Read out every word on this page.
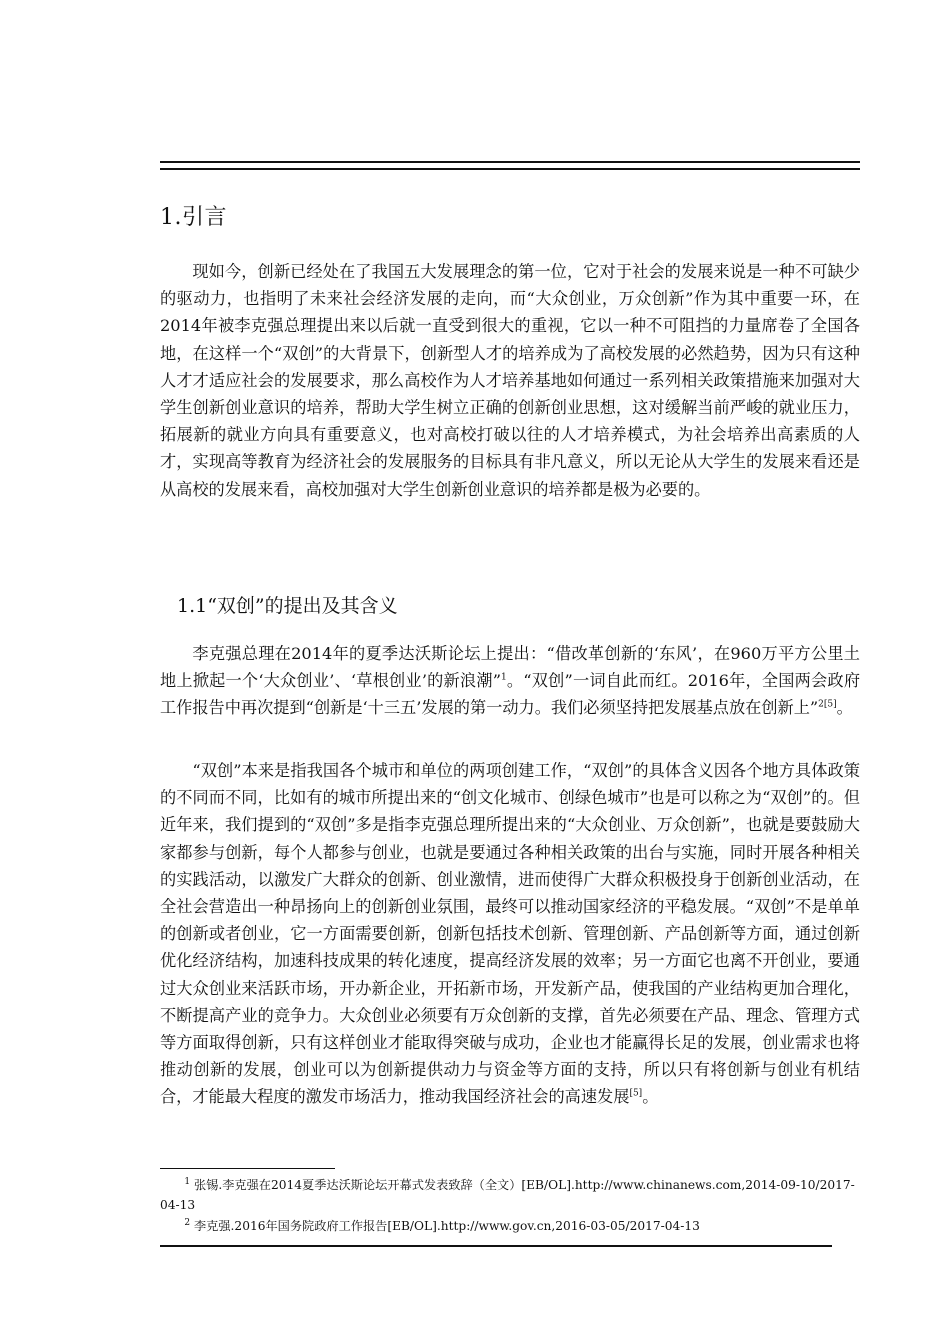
1.引言

现如今，创新已经处在了我国五大发展理念的第一位，它对于社会的发展来说是一种不可缺少的驱动力，也指明了未来社会经济发展的走向，而“大众创业，万众创新”作为其中重要一环，在2014年被李克强总理提出来以后就一直受到很大的重视，它以一种不可阻挡的力量席卷了全国各地，在这样一个“双创”的大背景下，创新型人才的培养成为了高校发展的必然趋势，因为只有这种人才才适应社会的发展要求，那么高校作为人才培养基地如何通过一系列相关政策措施来加强对大学生创新创业意识的培养，帮助大学生树立正确的创新创业思想，这对缓解当前严峻的就业压力，拓展新的就业方向具有重要意义，也对高校打破以往的人才培养模式，为社会培养出高素质的人才，实现高等教育为经济社会的发展服务的目标具有非凡意义，所以无论从大学生的发展来看还是从高校的发展来看，高校加强对大学生创新创业意识的培养都是极为必要的。

1.1“双创”的提出及其含义

李克强总理在2014年的夏季达沃斯论坛上提出：“借改革创新的‘东风’，在960万平方公里土地上掀起一个‘大众创业’、‘草根创业’的新浪潮”$^1$。“双创”一词自此而红。2016年，全国两会政府工作报告中再次提到“创新是‘十三五’发展的第一动力。我们必须坚持把发展基点放在创新上”$^{2[5]}$。

“双创”本来是指我国各个城市和单位的两项创建工作，“双创”的具体含义因各个地方具体政策的不同而不同，比如有的城市所提出来的“创文化城市、创绿色城市”也是可以称之为“双创”的。但近年来，我们提到的“双创”多是指李克强总理所提出来的“大众创业、万众创新”，也就是要鼓励大家都参与创新，每个人都参与创业，也就是要通过各种相关政策的出台与实施，同时开展各种相关的实践活动，以激发广大群众的创新、创业激情，进而使得广大群众积极投身于创新创业活动，在全社会营造出一种昂扬向上的创新创业氛围，最终可以推动国家经济的平稳发展。“双创”不是单单的创新或者创业，它一方面需要创新，创新包括技术创新、管理创新、产品创新等方面，通过创新优化经济结构，加速科技成果的转化速度，提高经济发展的效率；另一方面它也离不开创业，要通过大众创业来活跃市场，开办新企业，开拓新市场，开发新产品，使我国的产业结构更加合理化，不断提高产业的竞争力。大众创业必须要有万众创新的支撑，首先必须要在产品、理念、管理方式等方面取得创新，只有这样创业才能取得突破与成功，企业也才能赢得长足的发展，创业需求也将推动创新的发展，创业可以为创新提供动力与资金等方面的支持，所以只有将创新与创业有机结合，才能最大程度的激发市场活力，推动我国经济社会的高速发展[5]。

$^1$ 张锡.李克强在2014夏季达沃斯论坛开幕式发表致辞（全文）[EB/OL].http://www.chinanews.com,2014-09-10/2017-04-13

$^2$ 李克强.2016年国务院政府工作报告[EB/OL].http://www.gov.cn,2016-03-05/2017-04-13
